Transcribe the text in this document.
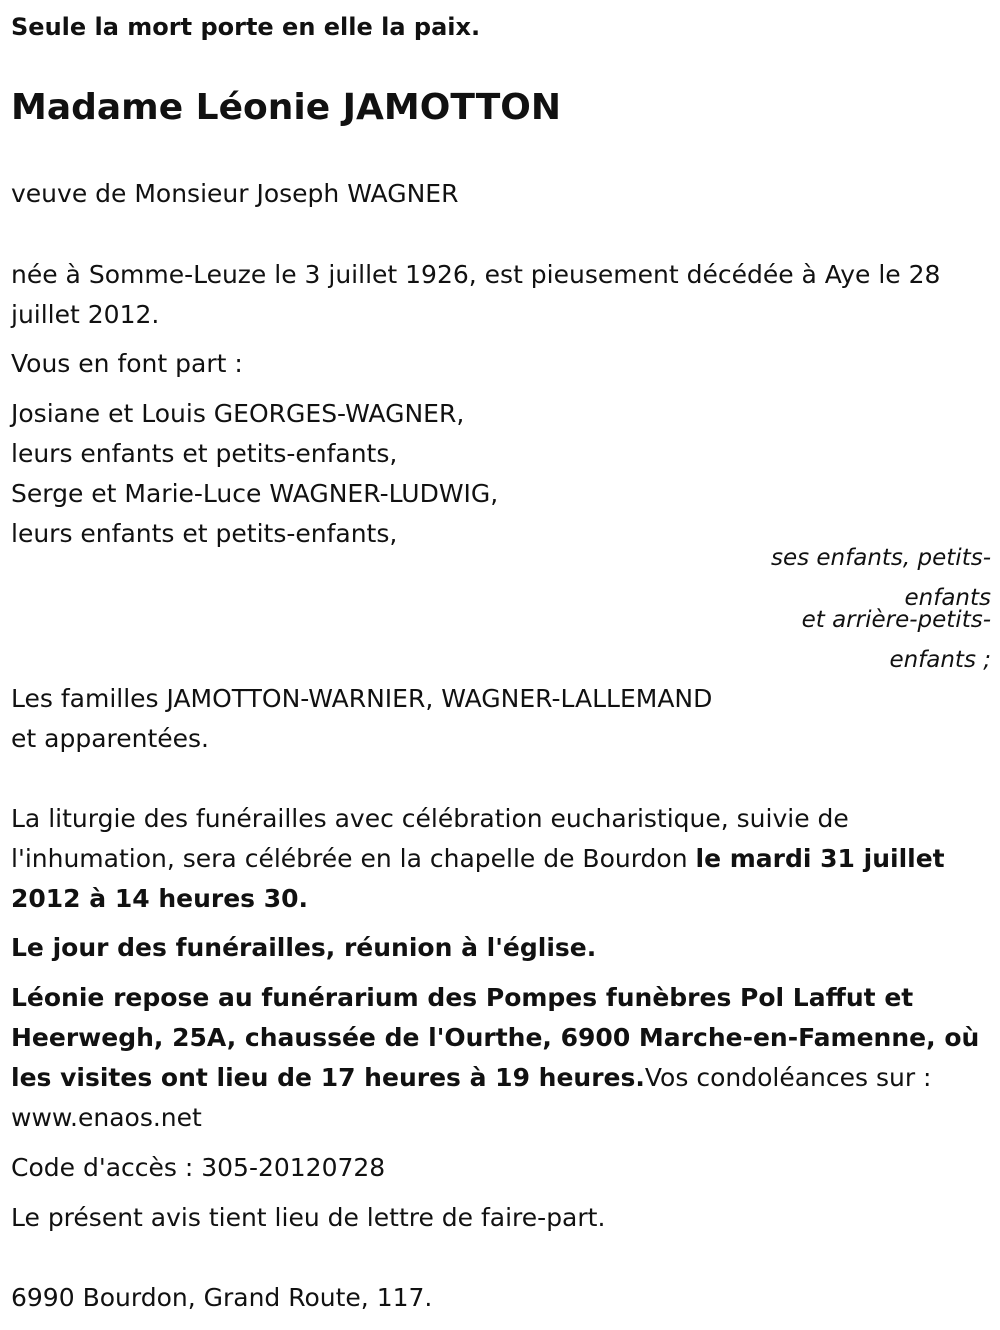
Seule la mort porte en elle la paix.
Madame Léonie JAMOTTON
veuve de Monsieur Joseph WAGNER
née à Somme-Leuze le 3 juillet 1926, est pieusement décédée à Aye le 28 juillet 2012.
Vous en font part :
Josiane et Louis GEORGES-WAGNER,
leurs enfants et petits-enfants,
Serge et Marie-Luce WAGNER-LUDWIG,
leurs enfants et petits-enfants,
ses enfants, petits-enfants
et arrière-petits-enfants ;
Les familles JAMOTTON-WARNIER, WAGNER-LALLEMAND
et apparentées.
La liturgie des funérailles avec célébration eucharistique, suivie de l'inhumation, sera célébrée en la chapelle de Bourdon le mardi 31 juillet 2012 à 14 heures 30.
Le jour des funérailles, réunion à l'église.
Léonie repose au funérarium des Pompes funèbres Pol Laffut et Heerwegh, 25A, chaussée de l'Ourthe, 6900 Marche-en-Famenne, où les visites ont lieu de 17 heures à 19 heures.Vos condoléances sur : www.enaos.net
Code d'accès : 305-20120728
Le présent avis tient lieu de lettre de faire-part.
6990 Bourdon, Grand Route, 117.
